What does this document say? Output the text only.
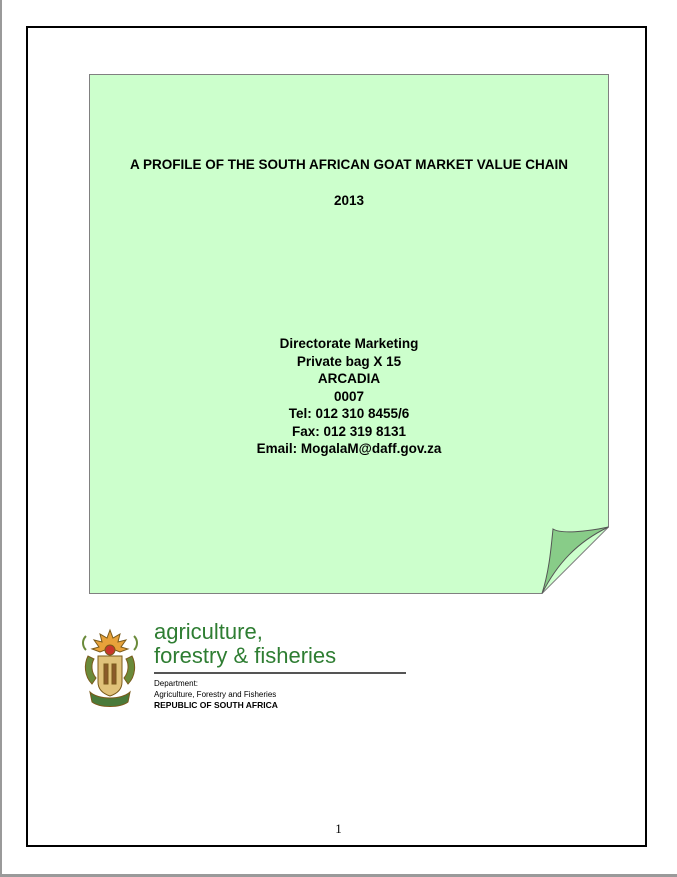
A PROFILE OF THE SOUTH AFRICAN GOAT MARKET VALUE CHAIN
2013
Directorate Marketing
Private bag X 15
ARCADIA
0007
Tel: 012 310 8455/6
Fax: 012 319 8131
Email: MogalaM@daff.gov.za
agriculture,
forestry & fisheries
Department:
Agriculture, Forestry and Fisheries
REPUBLIC OF SOUTH AFRICA
1
